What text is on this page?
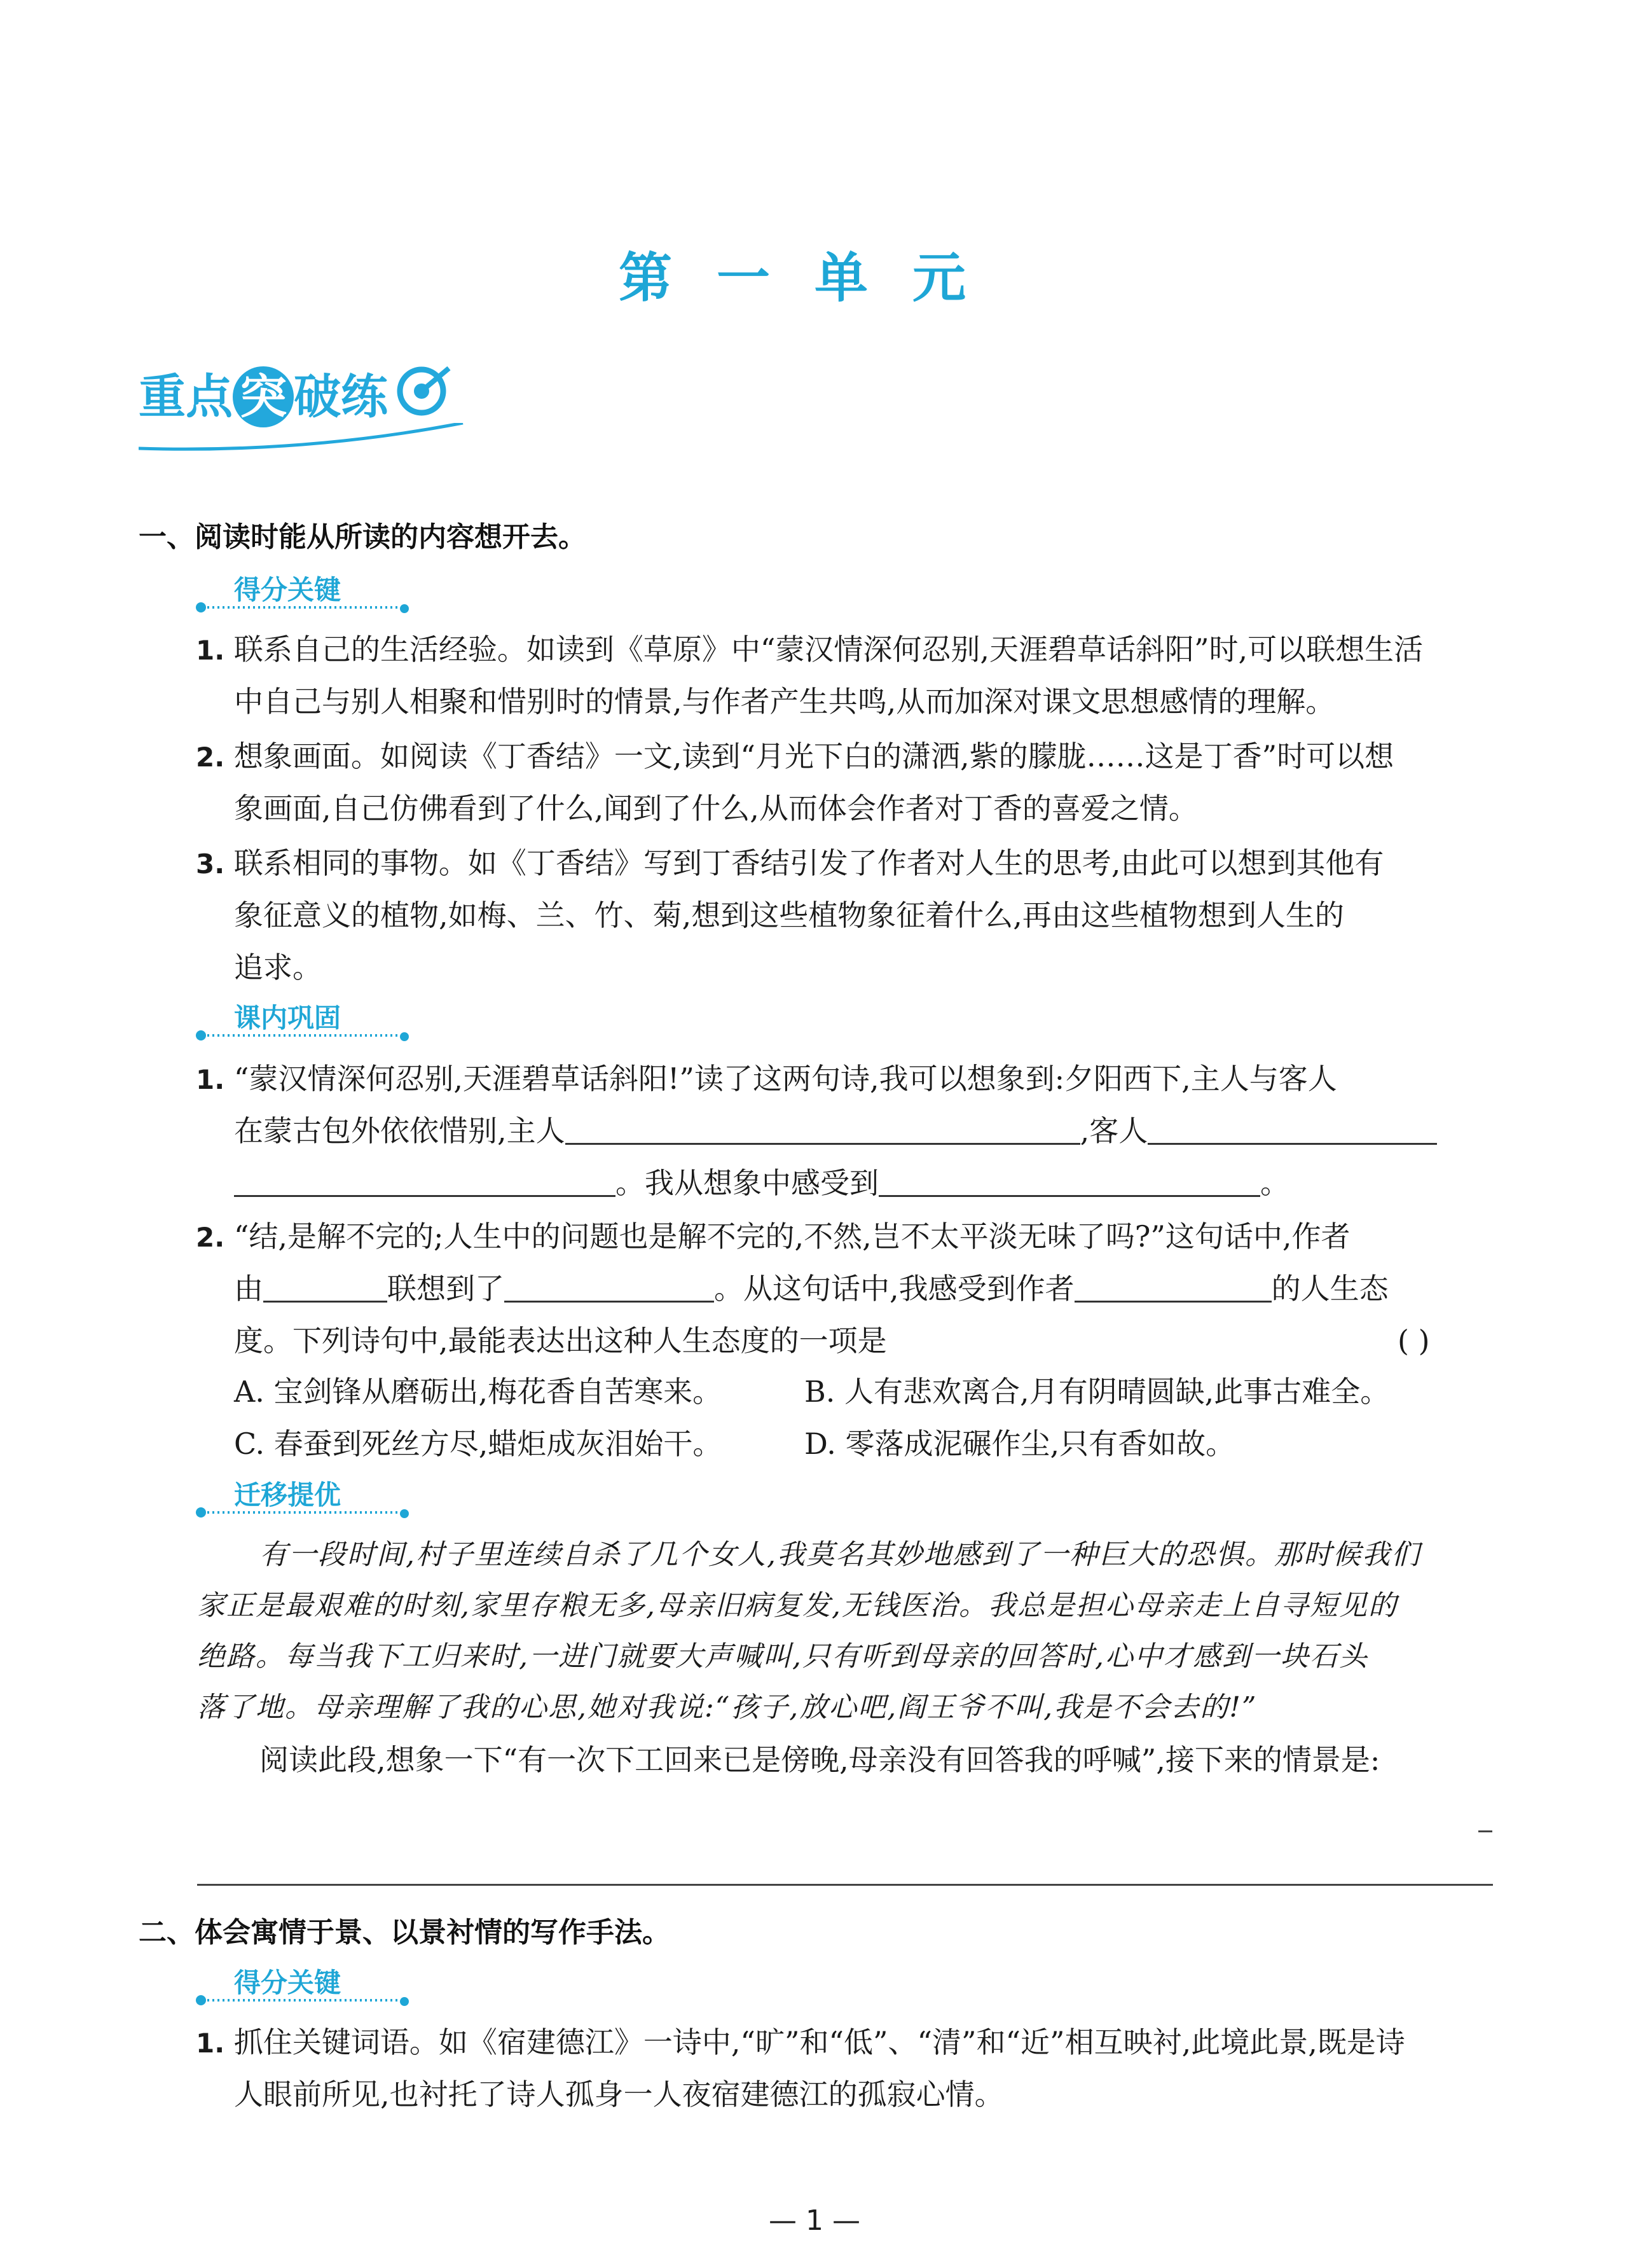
第一单元
重点 突 破练
一、阅读时能从所读的内容想开去。
得分关键
1. 联系自己的生活经验。如读到《草原》中“蒙汉情深何忍别,天涯碧草话斜阳”时,可以联想生活
中自己与别人相聚和惜别时的情景,与作者产生共鸣,从而加深对课文思想感情的理解。
2. 想象画面。如阅读《丁香结》一文,读到“月光下白的潇洒,紫的朦胧……这是丁香”时可以想
象画面,自己仿佛看到了什么,闻到了什么,从而体会作者对丁香的喜爱之情。
3. 联系相同的事物。如《丁香结》写到丁香结引发了作者对人生的思考,由此可以想到其他有
象征意义的植物,如梅、兰、竹、菊,想到这些植物象征着什么,再由这些植物想到人生的
追求。
课内巩固
1. “蒙汉情深何忍别,天涯碧草话斜阳!”读了这两句诗,我可以想象到:夕阳西下,主人与客人
在蒙古包外依依惜别,主人	,客人
。我从想象中感受到	。
2. “结,是解不完的;人生中的问题也是解不完的,不然,岂不太平淡无味了吗?”这句话中,作者
由	联想到了	。从这句话中,我感受到作者	的人生态
度。下列诗句中,最能表达出这种人生态度的一项是	( )
A. 宝剑锋从磨砺出,梅花香自苦寒来。	B. 人有悲欢离合,月有阴晴圆缺,此事古难全。
C. 春蚕到死丝方尽,蜡炬成灰泪始干。	D. 零落成泥碾作尘,只有香如故。
迁移提优
有一段时间,村子里连续自杀了几个女人,我莫名其妙地感到了一种巨大的恐惧。那时候我们
家正是最艰难的时刻,家里存粮无多,母亲旧病复发,无钱医治。我总是担心母亲走上自寻短见的
绝路。每当我下工归来时,一进门就要大声喊叫,只有听到母亲的回答时,心中才感到一块石头
落了地。母亲理解了我的心思,她对我说:“孩子,放心吧,阎王爷不叫,我是不会去的!”
阅读此段,想象一下“有一次下工回来已是傍晚,母亲没有回答我的呼喊”,接下来的情景是:
二、体会寓情于景、以景衬情的写作手法。
得分关键
1. 抓住关键词语。如《宿建德江》一诗中,“旷”和“低”、“清”和“近”相互映衬,此境此景,既是诗
人眼前所见,也衬托了诗人孤身一人夜宿建德江的孤寂心情。
— 1 —
